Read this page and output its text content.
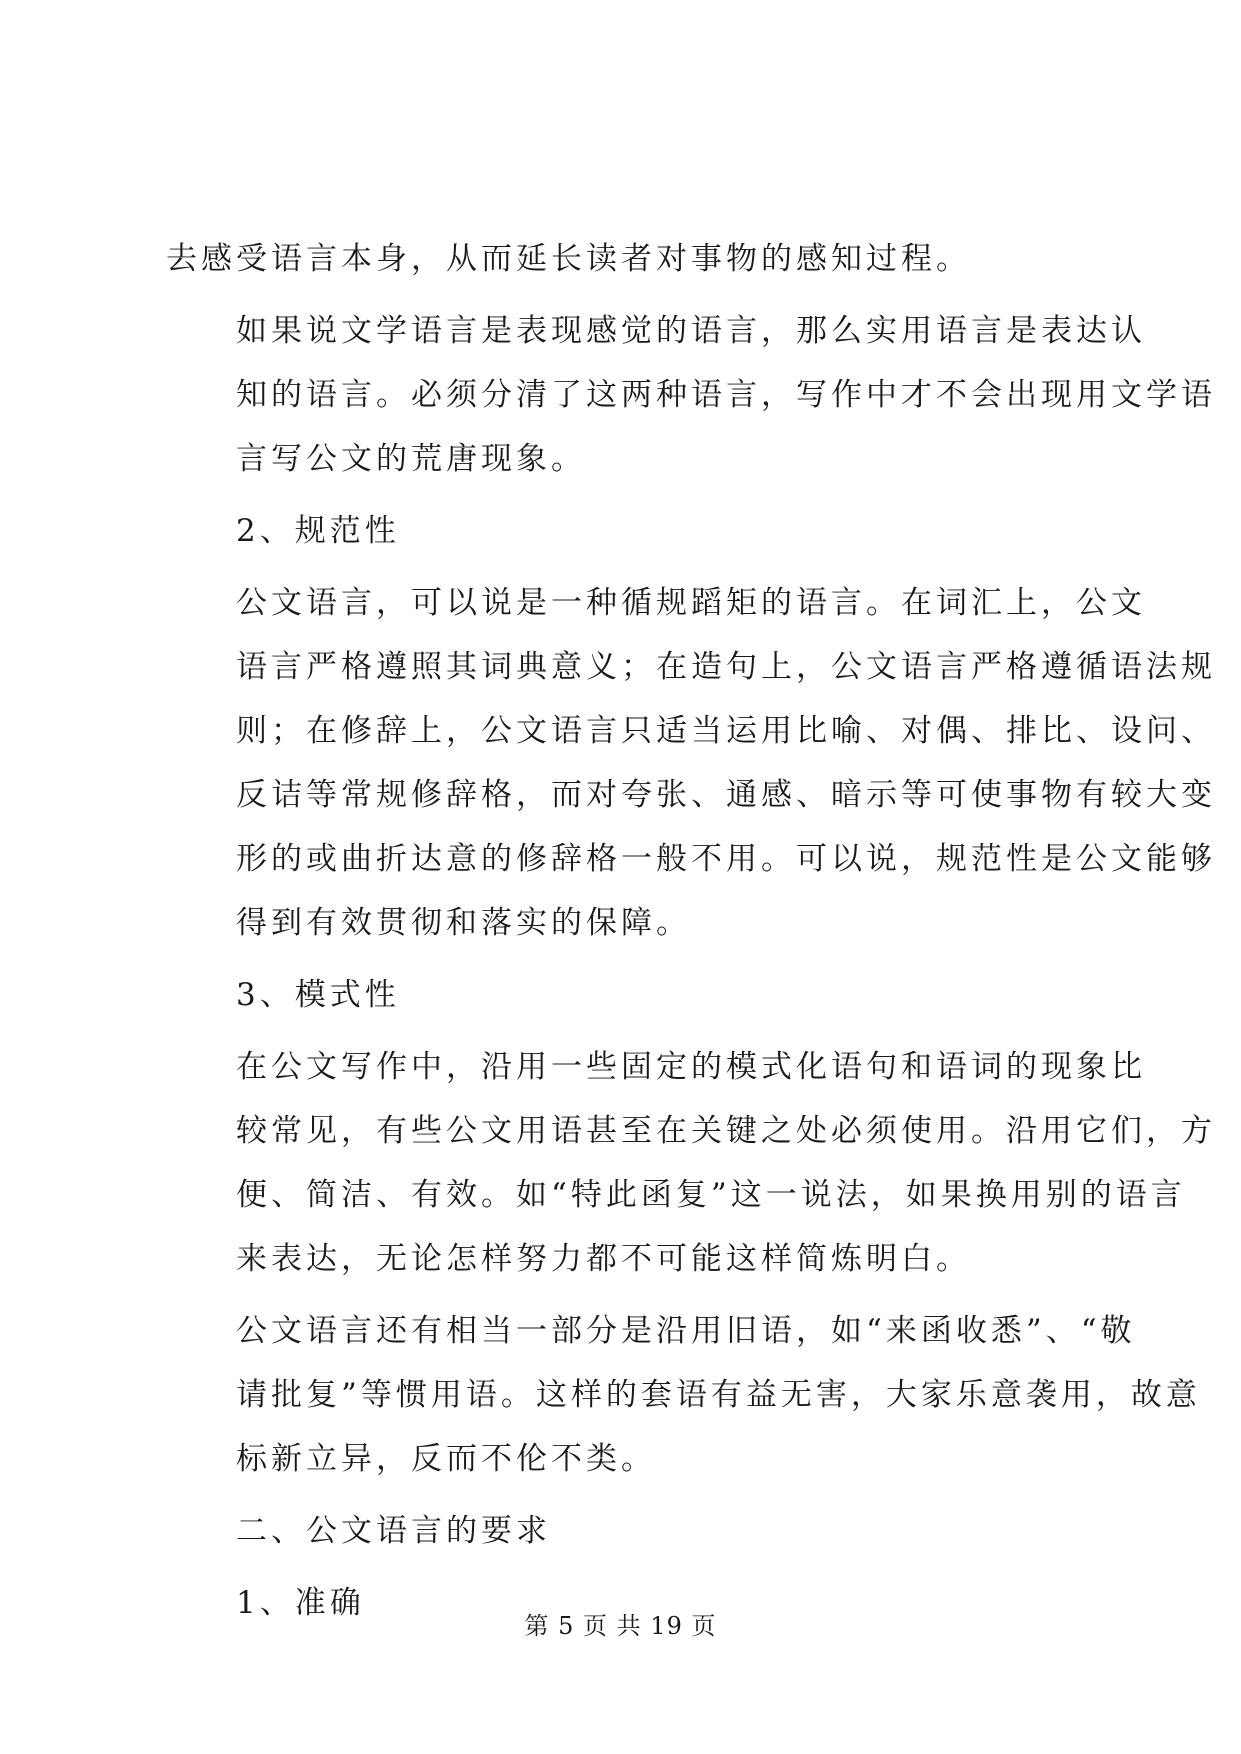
去感受语言本身，从而延长读者对事物的感知过程。

如果说文学语言是表现感觉的语言，那么实用语言是表达认
知的语言。必须分清了这两种语言，写作中才不会出现用文学语
言写公文的荒唐现象。

2、规范性

公文语言，可以说是一种循规蹈矩的语言。在词汇上，公文
语言严格遵照其词典意义；在造句上，公文语言严格遵循语法规
则；在修辞上，公文语言只适当运用比喻、对偶、排比、设问、
反诘等常规修辞格，而对夸张、通感、暗示等可使事物有较大变
形的或曲折达意的修辞格一般不用。可以说，规范性是公文能够
得到有效贯彻和落实的保障。

3、模式性

在公文写作中，沿用一些固定的模式化语句和语词的现象比
较常见，有些公文用语甚至在关键之处必须使用。沿用它们，方
便、简洁、有效。如“特此函复”这一说法，如果换用别的语言
来表达，无论怎样努力都不可能这样简炼明白。

公文语言还有相当一部分是沿用旧语，如“来函收悉”、“敬
请批复”等惯用语。这样的套语有益无害，大家乐意袭用，故意
标新立异，反而不伦不类。

二、公文语言的要求

1、准确

第 5 页 共 19 页
